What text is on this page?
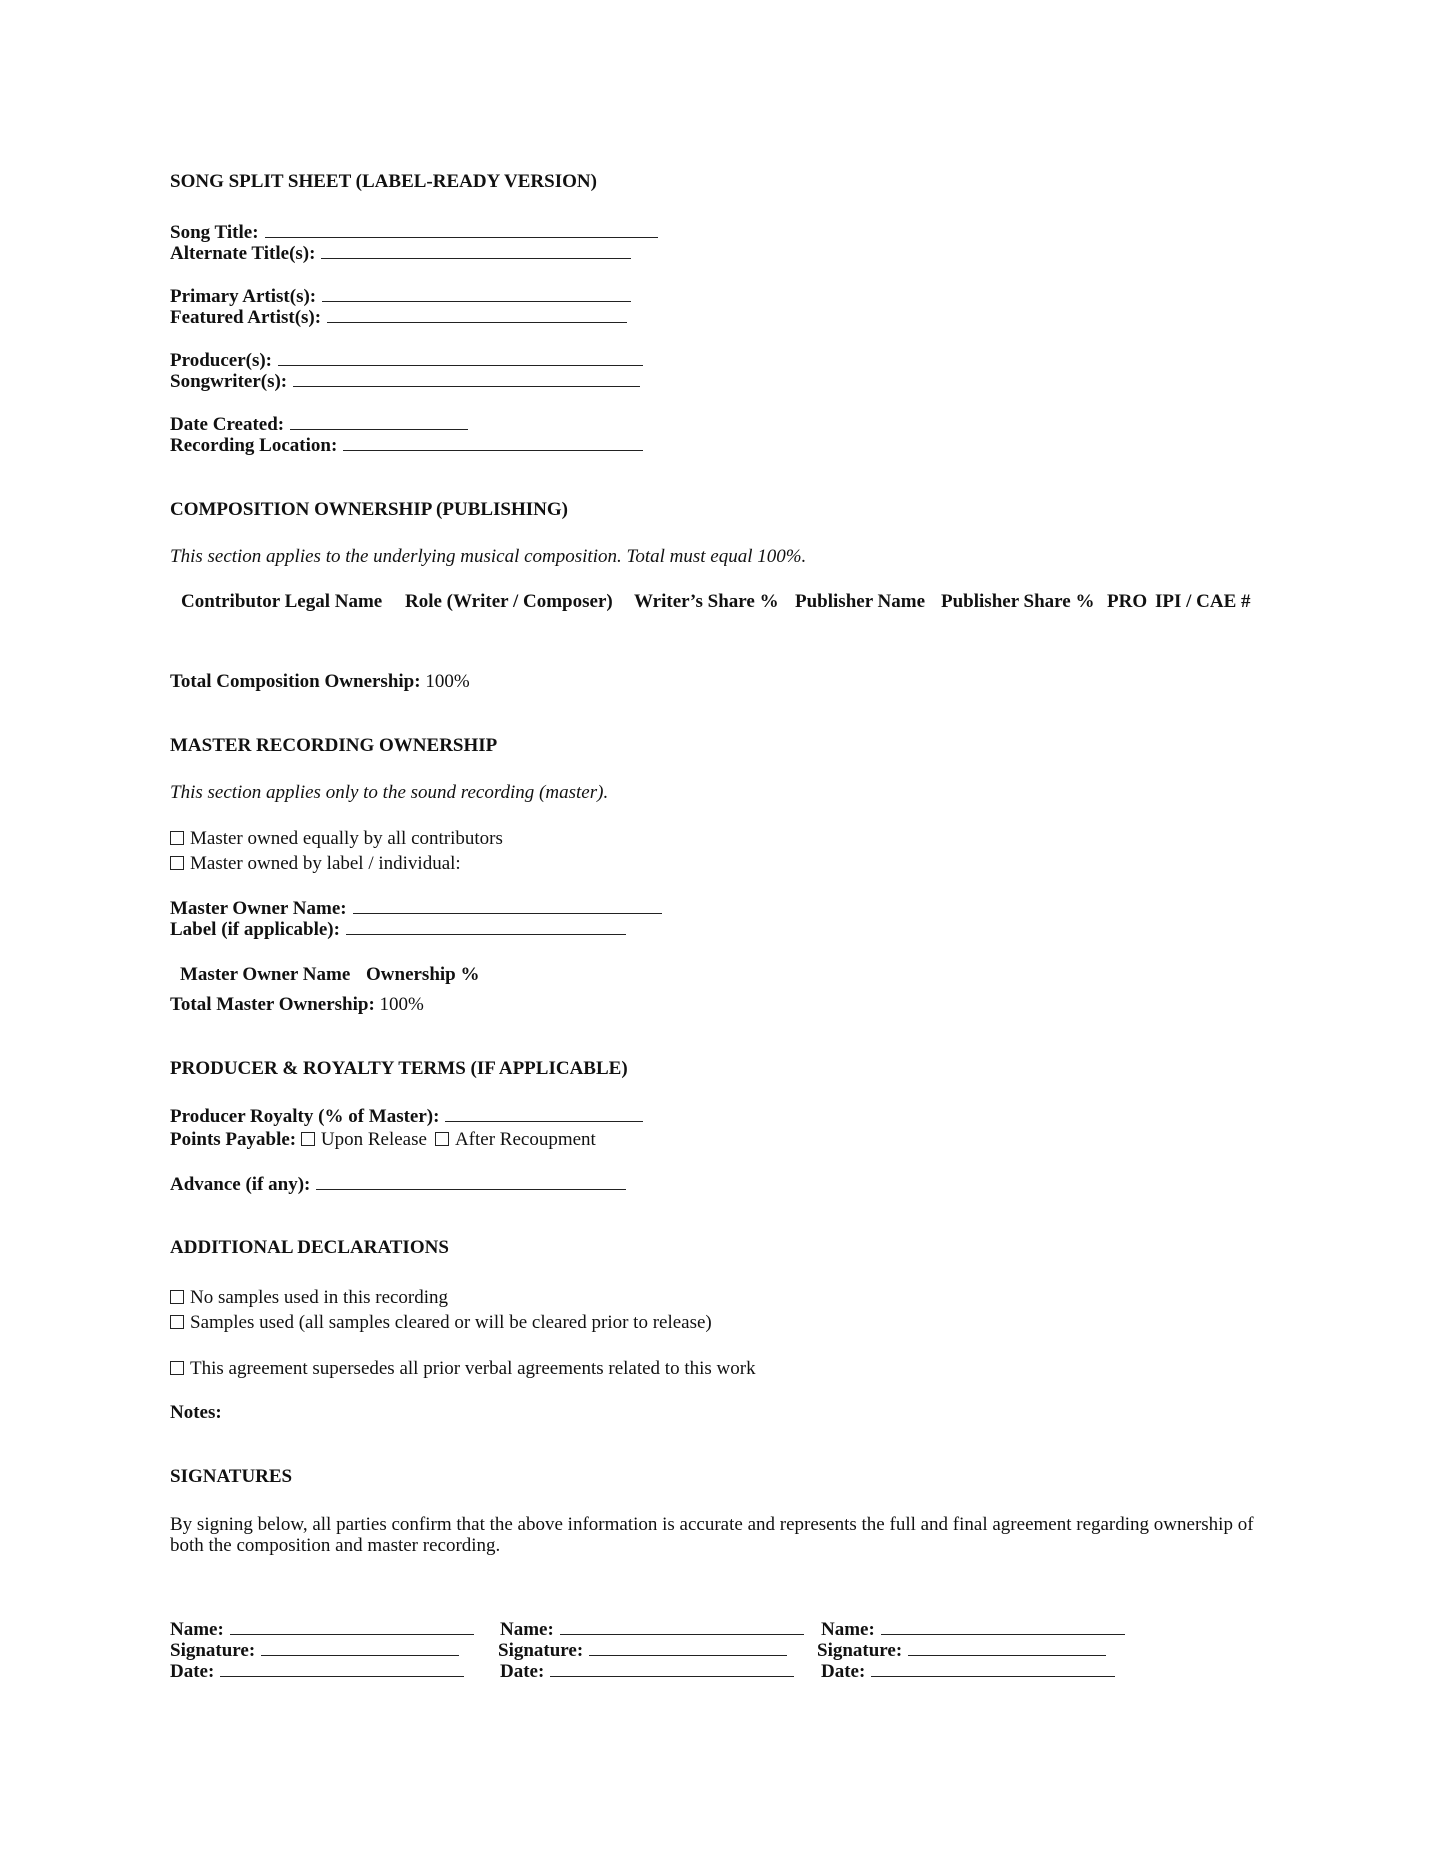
SONG SPLIT SHEET (LABEL-READY VERSION)
Song Title:
Alternate Title(s):
Primary Artist(s):
Featured Artist(s):
Producer(s):
Songwriter(s):
Date Created:
Recording Location:
COMPOSITION OWNERSHIP (PUBLISHING)
This section applies to the underlying musical composition. Total must equal 100%.
Contributor Legal Name Role (Writer / Composer) Writer’s Share % Publisher Name Publisher Share % PRO IPI / CAE #
Total Composition Ownership: 100%
MASTER RECORDING OWNERSHIP
This section applies only to the sound recording (master).
Master owned equally by all contributors
Master owned by label / individual:
Master Owner Name:
Label (if applicable):
Master Owner Name Ownership %
Total Master Ownership: 100%
PRODUCER & ROYALTY TERMS (IF APPLICABLE)
Producer Royalty (% of Master):
Points Payable: Upon Release After Recoupment
Advance (if any):
ADDITIONAL DECLARATIONS
No samples used in this recording
Samples used (all samples cleared or will be cleared prior to release)
This agreement supersedes all prior verbal agreements related to this work
Notes:
SIGNATURES
By signing below, all parties confirm that the above information is accurate and represents the full and final agreement regarding ownership of
both the composition and master recording.
Name:
Signature:
Date:
Name:
Signature:
Date:
Name:
Signature:
Date:
